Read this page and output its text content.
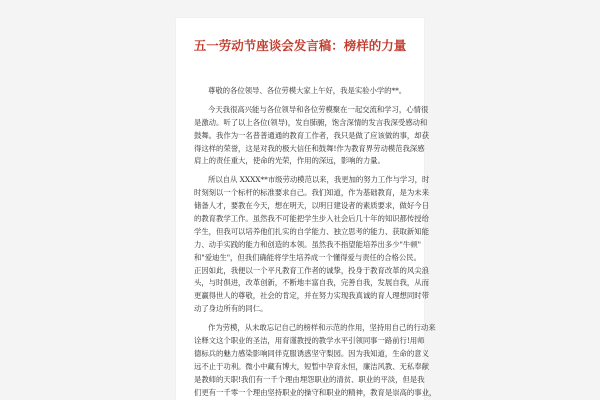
五一劳动节座谈会发言稿：榜样的力量
尊敬的各位领导、各位劳模大家上午好，我是实验小学的**。
今天我很高兴能与各位领导和各位劳模聚在一起交流和学习，心情很
是激动。听了以上各位(领导)，发自肺腑，饱含深情的发言我深受感动和
鼓舞。我作为一名普普通通的教育工作者，我只是做了应该做的事，却获
得这样的荣誉，这是对我的极大信任和鼓舞!作为教育界劳动模范我深感
肩上的责任重大，使命的光荣，作用的深远，影响的力量。
所以自从 XXXX**市级劳动模范以来，我更加的努力工作与学习，时
时刻刻以一个标杆的标准要求自己。我们知道，作为基础教育，是为未来
储备人才，要教在今天，想在明天，以明日建设者的素质要求，做好今日
的教育教学工作。虽然我不可能把学生步入社会后几十年的知识都传授给
学生，但我可以培养他们扎实的自学能力、独立思考的能力、获取新知能
力、动手实践的能力和创造的本领。虽然我不指望能培养出多少"牛顿"
和"爱迪生"，但我们确能将学生培养成一个懂得爱与责任的合格公民。
正因如此，我便以一个平凡教育工作者的诚挚，投身于教育改革的风尖浪
头，与时俱进，改革创新，不断地丰富自我，完善自我，发展自我，从而
更赢得世人的尊敬，社会的肯定，并在努力实现我真诚的育人理想同时带
动了身边所有的同仁。
作为劳模，从未敢忘记自己的榜样和示范的作用，坚持用自己的行动来
诠释文这个职业的圣洁，用育谨教授的教学水平引领同事一路前行!用师
德标兵的魅力感染影响同伴克服诱惑坚守梨园。因为我知道，生命的意义
远不止于功利。微小中藏有博大，短暂中孕育永恒，廉洁风教、无私奉献
是教师的天职!我们有一千个理由埋怨职业的清贫、职业的平淡，但是我
们更有一千零一个理由坚持职业的操守和职业的精神，教育是崇高的事业，
